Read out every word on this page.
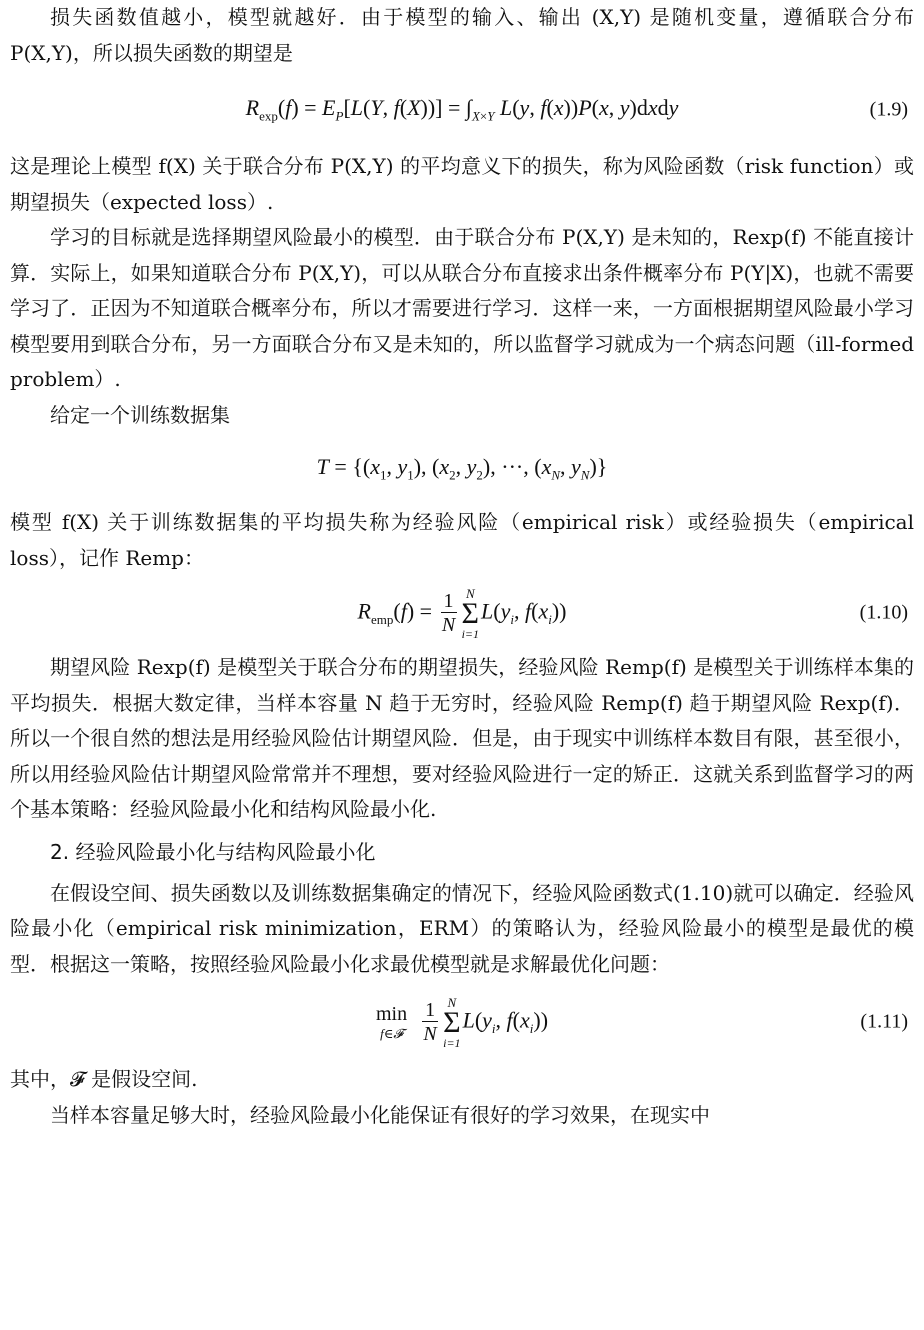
损失函数值越小，模型就越好．由于模型的输入、输出 (X,Y) 是随机变量，遵循联合分布 P(X,Y)，所以损失函数的期望是

$R_{exp}(f) = E_P[L(Y$, $f(X))] = \int_{X\times Y}$ L(y, f(x))P(x, y)dxdy	(1.9)

这是理论上模型 f(X) 关于联合分布 P(X,Y) 的平均意义下的损失，称为风险函数（risk function）或期望损失（expected loss）.

学习的目标就是选择期望风险最小的模型．由于联合分布 P(X,Y) 是未知的，Rexp(f) 不能直接计算．实际上，如果知道联合分布 P(X,Y)，可以从联合分布直接求出条件概率分布 P(Y|X)，也就不需要学习了．正因为不知道联合概率分布，所以才需要进行学习．这样一来，一方面根据期望风险最小学习模型要用到联合分布，另一方面联合分布又是未知的，所以监督学习就成为一个病态问题（ill-formed problem）.

给定一个训练数据集

$T = \{(x_1$, $y_1$), ($x_2$, $y_2$), ···, ($x_N$, $y_N$)}

模型 f(X) 关于训练数据集的平均损失称为经验风险（empirical risk）或经验损失（empirical loss），记作 Remp：

$R_{emp}(f) = \frac{1}{N}$ N
Σ
i=1
$L(y_i$, $f(x_i)$)	(1.10)

期望风险 Rexp(f) 是模型关于联合分布的期望损失，经验风险 Remp(f) 是模型关于训练样本集的平均损失．根据大数定律，当样本容量 N 趋于无穷时，经验风险 Remp(f) 趋于期望风险 Rexp(f)．所以一个很自然的想法是用经验风险估计期望风险．但是，由于现实中训练样本数目有限，甚至很小，所以用经验风险估计期望风险常常并不理想，要对经验风险进行一定的矫正．这就关系到监督学习的两个基本策略：经验风险最小化和结构风险最小化.

2. 经验风险最小化与结构风险最小化

在假设空间、损失函数以及训练数据集确定的情况下，经验风险函数式(1.10)就可以确定．经验风险最小化（empirical risk minimization，ERM）的策略认为，经验风险最小的模型是最优的模型．根据这一策略，按照经验风险最小化求最优模型就是求解最优化问题：

min
f∈𝓕 $\frac{1}{N}$ N
Σ
i=1
$L(y_i$, $f(x_i)$)	(1.11)

其中，𝓕 是假设空间.

当样本容量足够大时，经验风险最小化能保证有很好的学习效果，在现实中
